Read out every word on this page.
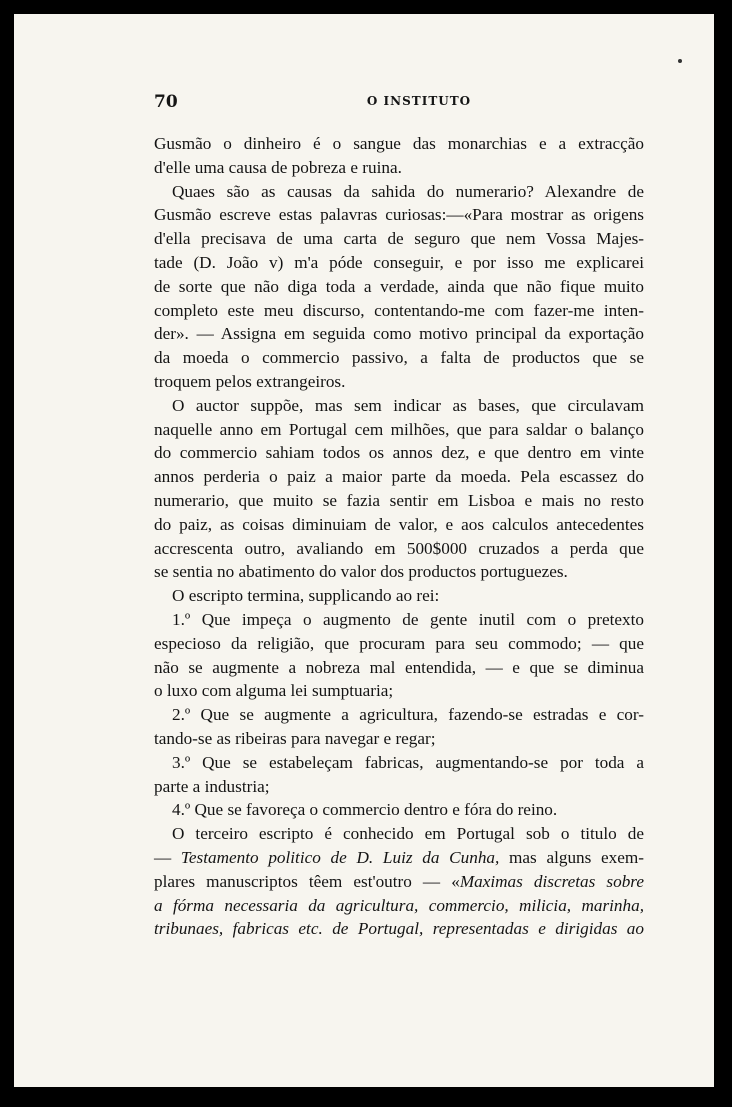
70	O INSTITUTO

Gusmão o dinheiro é o sangue das monarchias e a extracção
d'elle uma causa de pobreza e ruina.

Quaes são as causas da sahida do numerario? Alexandre de
Gusmão escreve estas palavras curiosas:—«Para mostrar as origens
d'ella precisava de uma carta de seguro que nem Vossa Majes-
tade (D. João v) m'a póde conseguir, e por isso me explicarei
de sorte que não diga toda a verdade, ainda que não fique muito
completo este meu discurso, contentando-me com fazer-me inten-
der». — Assigna em seguida como motivo principal da exportação
da moeda o commercio passivo, a falta de productos que se
troquem pelos extrangeiros.

O auctor suppõe, mas sem indicar as bases, que circulavam
naquelle anno em Portugal cem milhões, que para saldar o balanço
do commercio sahiam todos os annos dez, e que dentro em vinte
annos perderia o paiz a maior parte da moeda. Pela escassez do
numerario, que muito se fazia sentir em Lisboa e mais no resto
do paiz, as coisas diminuiam de valor, e aos calculos antecedentes
accrescenta outro, avaliando em 500$000 cruzados a perda que
se sentia no abatimento do valor dos productos portuguezes.

O escripto termina, supplicando ao rei:

1.º Que impeça o augmento de gente inutil com o pretexto
especioso da religião, que procuram para seu commodo; — que
não se augmente a nobreza mal entendida, — e que se diminua
o luxo com alguma lei sumptuaria;

2.º Que se augmente a agricultura, fazendo-se estradas e cor-
tando-se as ribeiras para navegar e regar;

3.º Que se estabeleçam fabricas, augmentando-se por toda a
parte a industria;

4.º Que se favoreça o commercio dentro e fóra do reino.

O terceiro escripto é conhecido em Portugal sob o titulo de
— Testamento politico de D. Luiz da Cunha, mas alguns exem-
plares manuscriptos têem est'outro — «Maximas discretas sobre
a fórma necessaria da agricultura, commercio, milicia, marinha,
tribunaes, fabricas etc. de Portugal, representadas e dirigidas ao
